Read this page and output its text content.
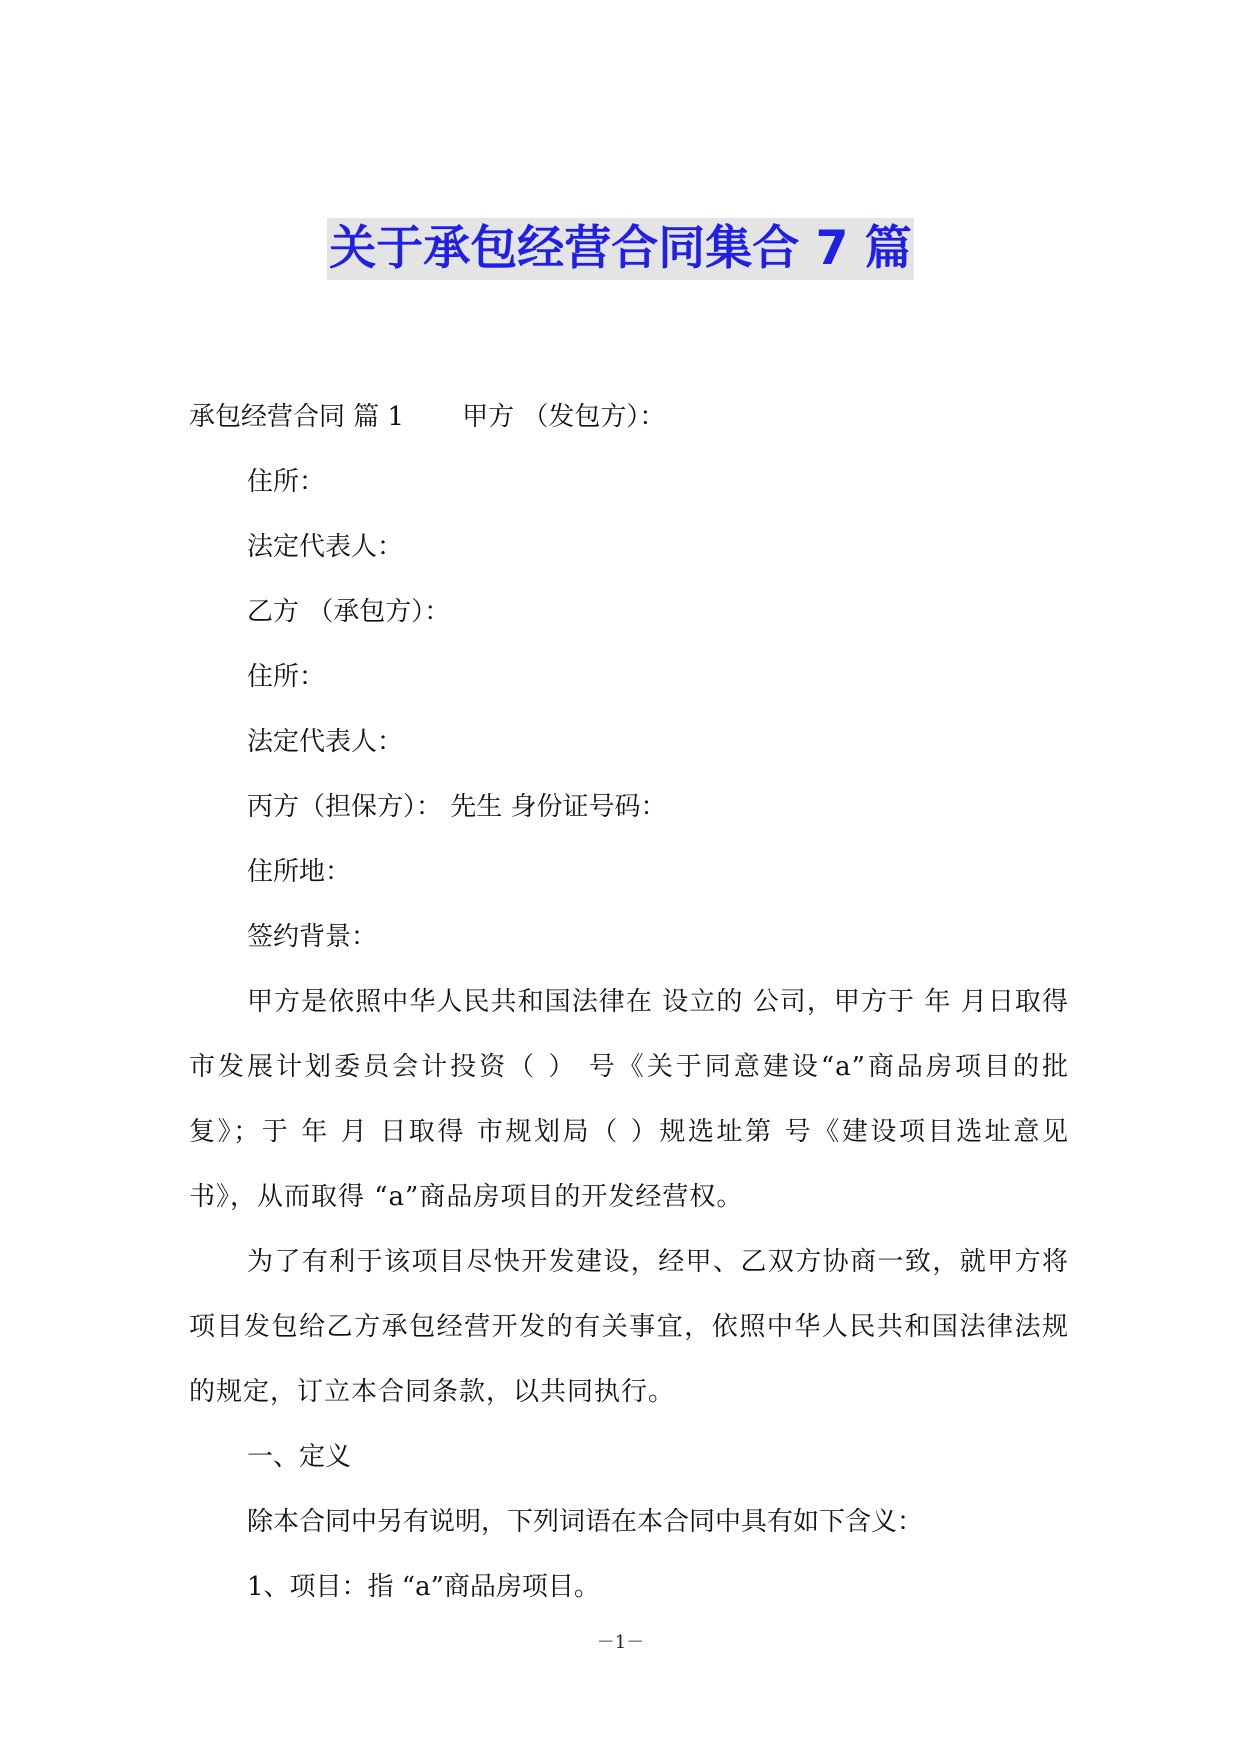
关于承包经营合同集合 7 篇
承包经营合同 篇 1 甲方 （发包方）：
住所：
法定代表人：
乙方 （承包方）：
住所：
法定代表人：
丙方（担保方）： 先生 身份证号码：
住所地：
签约背景：

甲方是依照中华人民共和国法律在 设立的 公司，甲方于 年 月日取得 市发展计划委员会计投资（ ） 号《关于同意建设“a”商品房项目的批复》；于 年 月 日取得 市规划局（ ）规选址第 号《建设项目选址意见书》，从而取得 “a”商品房项目的开发经营权。

为了有利于该项目尽快开发建设，经甲、乙双方协商一致，就甲方将项目发包给乙方承包经营开发的有关事宜，依照中华人民共和国法律法规的规定，订立本合同条款，以共同执行。

一、定义
除本合同中另有说明，下列词语在本合同中具有如下含义：
1、项目：指 “a”商品房项目。
－1－
